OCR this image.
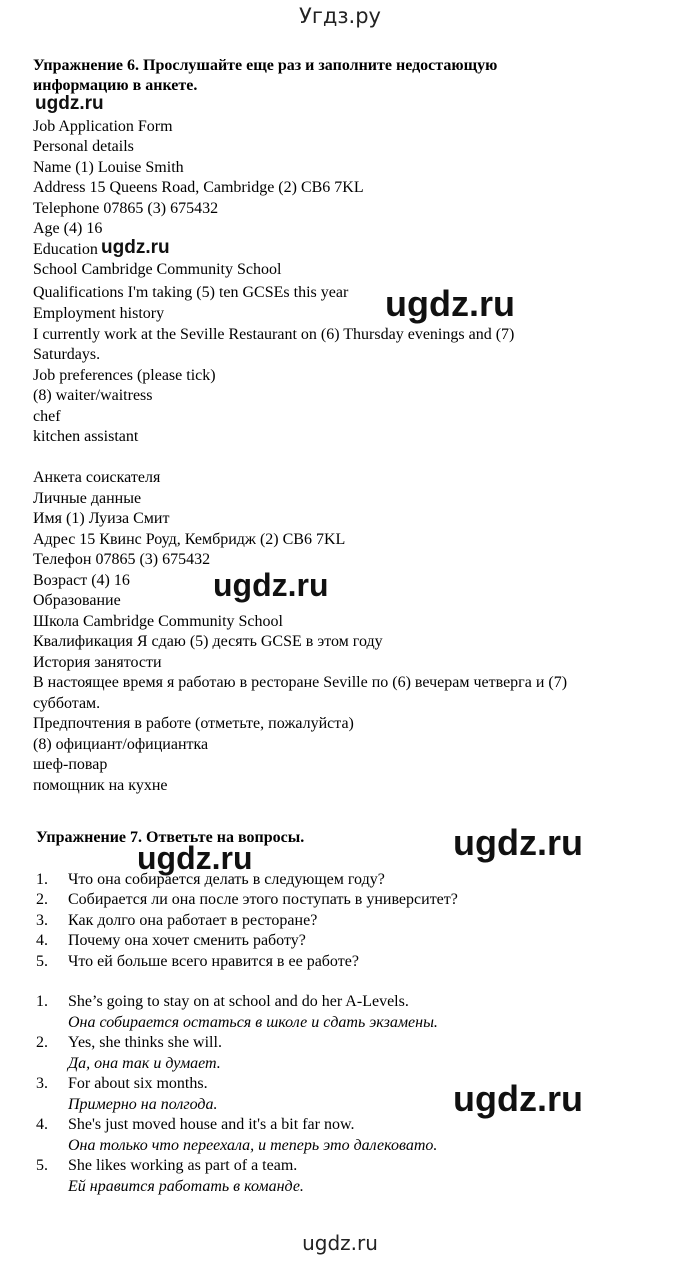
Угдз.ру
Упражнение 6. Прослушайте еще раз и заполните недостающую
информацию в анкете.
Job Application Form
Personal details
Name (1) Louise Smith
Address 15 Queens Road, Cambridge (2) CB6 7KL
Telephone 07865 (3) 675432
Age (4) 16
Education
School Cambridge Community School
Qualifications I'm taking (5) ten GCSEs this year
Employment history
I currently work at the Seville Restaurant on (6) Thursday evenings and (7)
Saturdays.
Job preferences (please tick)
(8) waiter/waitress
chef
kitchen assistant
Анкета соискателя
Личные данные
Имя (1) Луиза Смит
Адрес 15 Квинс Роуд, Кембридж (2) CB6 7KL
Телефон 07865 (3) 675432
Возраст (4) 16
Образование
Школа Cambridge Community School
Квалификация Я сдаю (5) десять GCSE в этом году
История занятости
В настоящее время я работаю в ресторане Seville по (6) вечерам четверга и (7)
субботам.
Предпочтения в работе (отметьте, пожалуйста)
(8) официант/официантка
шеф-повар
помощник на кухне
Упражнение 7. Ответьте на вопросы.
1. Что она собирается делать в следующем году?
2. Собирается ли она после этого поступать в университет?
3. Как долго она работает в ресторане?
4. Почему она хочет сменить работу?
5. Что ей больше всего нравится в ее работе?
1. She’s going to stay on at school and do her A-Levels.
Она собирается остаться в школе и сдать экзамены.
2. Yes, she thinks she will.
Да, она так и думает.
3. For about six months.
Примерно на полгода.
4. She's just moved house and it's a bit far now.
Она только что переехала, и теперь это далековато.
5. She likes working as part of a team.
Ей нравится работать в команде.
ugdz.ru
ugdz.ru
ugdz.ru
ugdz.ru
ugdz.ru
ugdz.ru
ugdz.ru
ugdz.ru
